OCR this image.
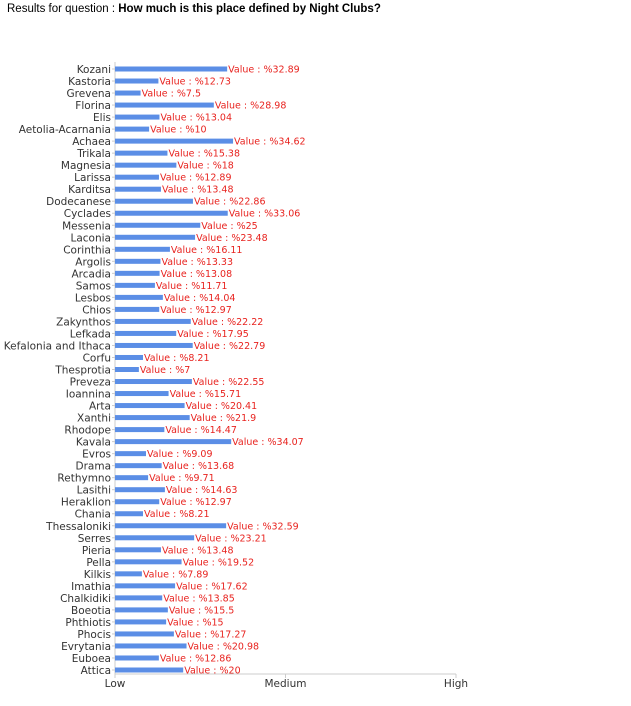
Results for question : How much is this place defined by Night Clubs?
Kozani	Value : %32.89
Kastoria	Value : %12.73
Grevena	Value : %7.5
Florina	Value : %28.98
Elis	Value : %13.04
Aetolia-Acarnania	Value : %10
Achaea	Value : %34.62
Trikala	Value : %15.38
Magnesia	Value : %18
Larissa	Value : %12.89
Karditsa	Value : %13.48
Dodecanese	Value : %22.86
Cyclades	Value : %33.06
Messenia	Value : %25
Laconia	Value : %23.48
Corinthia	Value : %16.11
Argolis	Value : %13.33
Arcadia	Value : %13.08
Samos	Value : %11.71
Lesbos	Value : %14.04
Chios	Value : %12.97
Zakynthos	Value : %22.22
Lefkada	Value : %17.95
Kefalonia and Ithaca	Value : %22.79
Corfu	Value : %8.21
Thesprotia	Value : %7
Preveza	Value : %22.55
Ioannina	Value : %15.71
Arta	Value : %20.41
Xanthi	Value : %21.9
Rhodope	Value : %14.47
Kavala	Value : %34.07
Evros	Value : %9.09
Drama	Value : %13.68
Rethymno	Value : %9.71
Lasithi	Value : %14.63
Heraklion	Value : %12.97
Chania	Value : %8.21
Thessaloniki	Value : %32.59
Serres	Value : %23.21
Pieria	Value : %13.48
Pella	Value : %19.52
Kilkis	Value : %7.89
Imathia	Value : %17.62
Chalkidiki	Value : %13.85
Boeotia	Value : %15.5
Phthiotis	Value : %15
Phocis	Value : %17.27
Evrytania	Value : %20.98
Euboea	Value : %12.86
Attica	Value : %20
Low	Medium	High
